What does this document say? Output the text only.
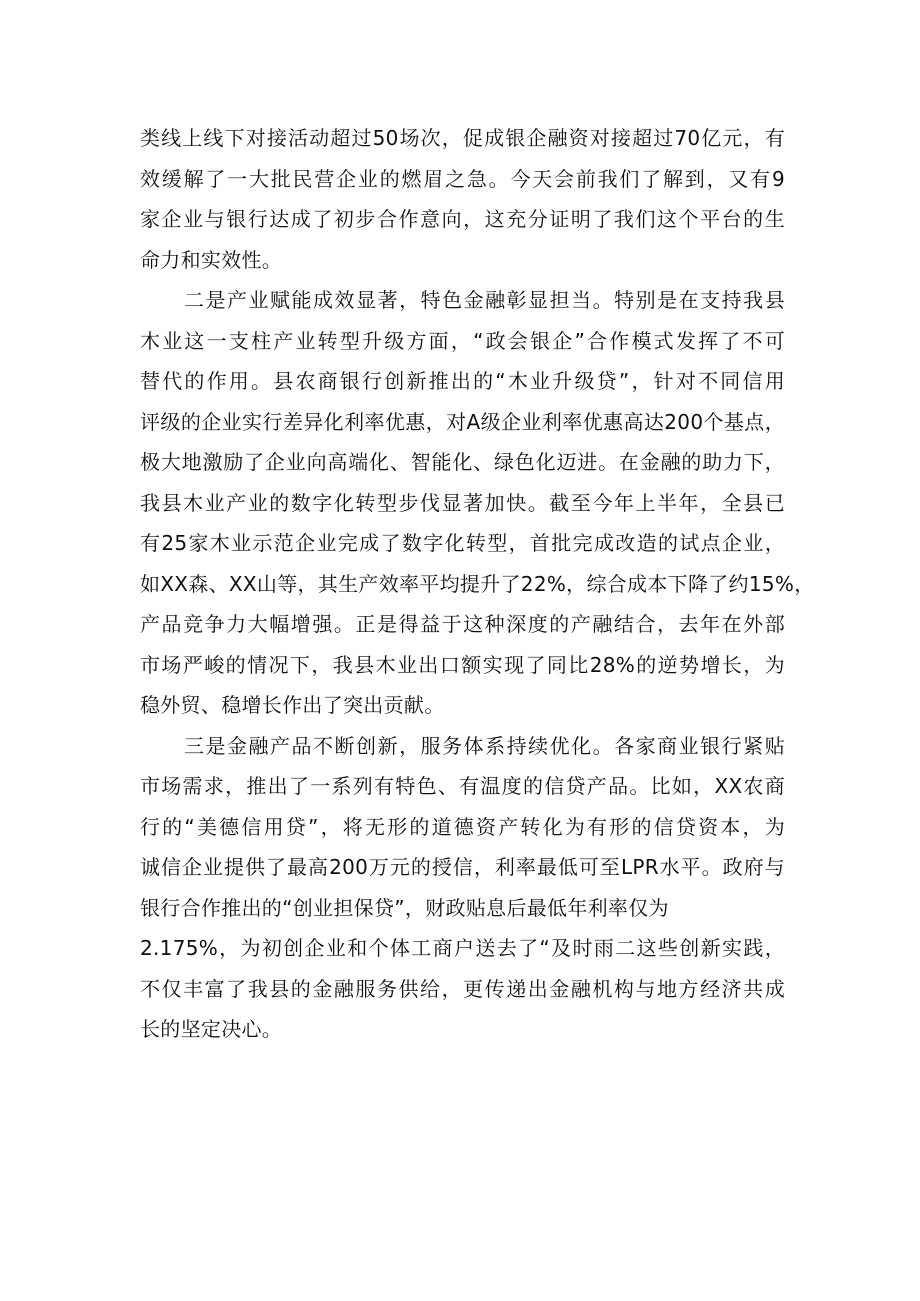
类线上线下对接活动超过50场次，促成银企融资对接超过70亿元，有
效缓解了一大批民营企业的燃眉之急。今天会前我们了解到，又有9
家企业与银行达成了初步合作意向，这充分证明了我们这个平台的生
命力和实效性。
二是产业赋能成效显著，特色金融彰显担当。特别是在支持我县
木业这一支柱产业转型升级方面，“政会银企”合作模式发挥了不可
替代的作用。县农商银行创新推出的“木业升级贷”，针对不同信用
评级的企业实行差异化利率优惠，对A级企业利率优惠高达200个基点，
极大地激励了企业向高端化、智能化、绿色化迈进。在金融的助力下，
我县木业产业的数字化转型步伐显著加快。截至今年上半年，全县已
有25家木业示范企业完成了数字化转型，首批完成改造的试点企业，
如XX森、XX山等，其生产效率平均提升了22%，综合成本下降了约15%，
产品竞争力大幅增强。正是得益于这种深度的产融结合，去年在外部
市场严峻的情况下，我县木业出口额实现了同比28%的逆势增长，为
稳外贸、稳增长作出了突出贡献。
三是金融产品不断创新，服务体系持续优化。各家商业银行紧贴
市场需求，推出了一系列有特色、有温度的信贷产品。比如，XX农商
行的“美德信用贷”，将无形的道德资产转化为有形的信贷资本，为
诚信企业提供了最高200万元的授信，利率最低可至LPR水平。政府与
银行合作推出的“创业担保贷”，财政贴息后最低年利率仅为
2.175%，为初创企业和个体工商户送去了“及时雨二这些创新实践，
不仅丰富了我县的金融服务供给，更传递出金融机构与地方经济共成
长的坚定决心。
